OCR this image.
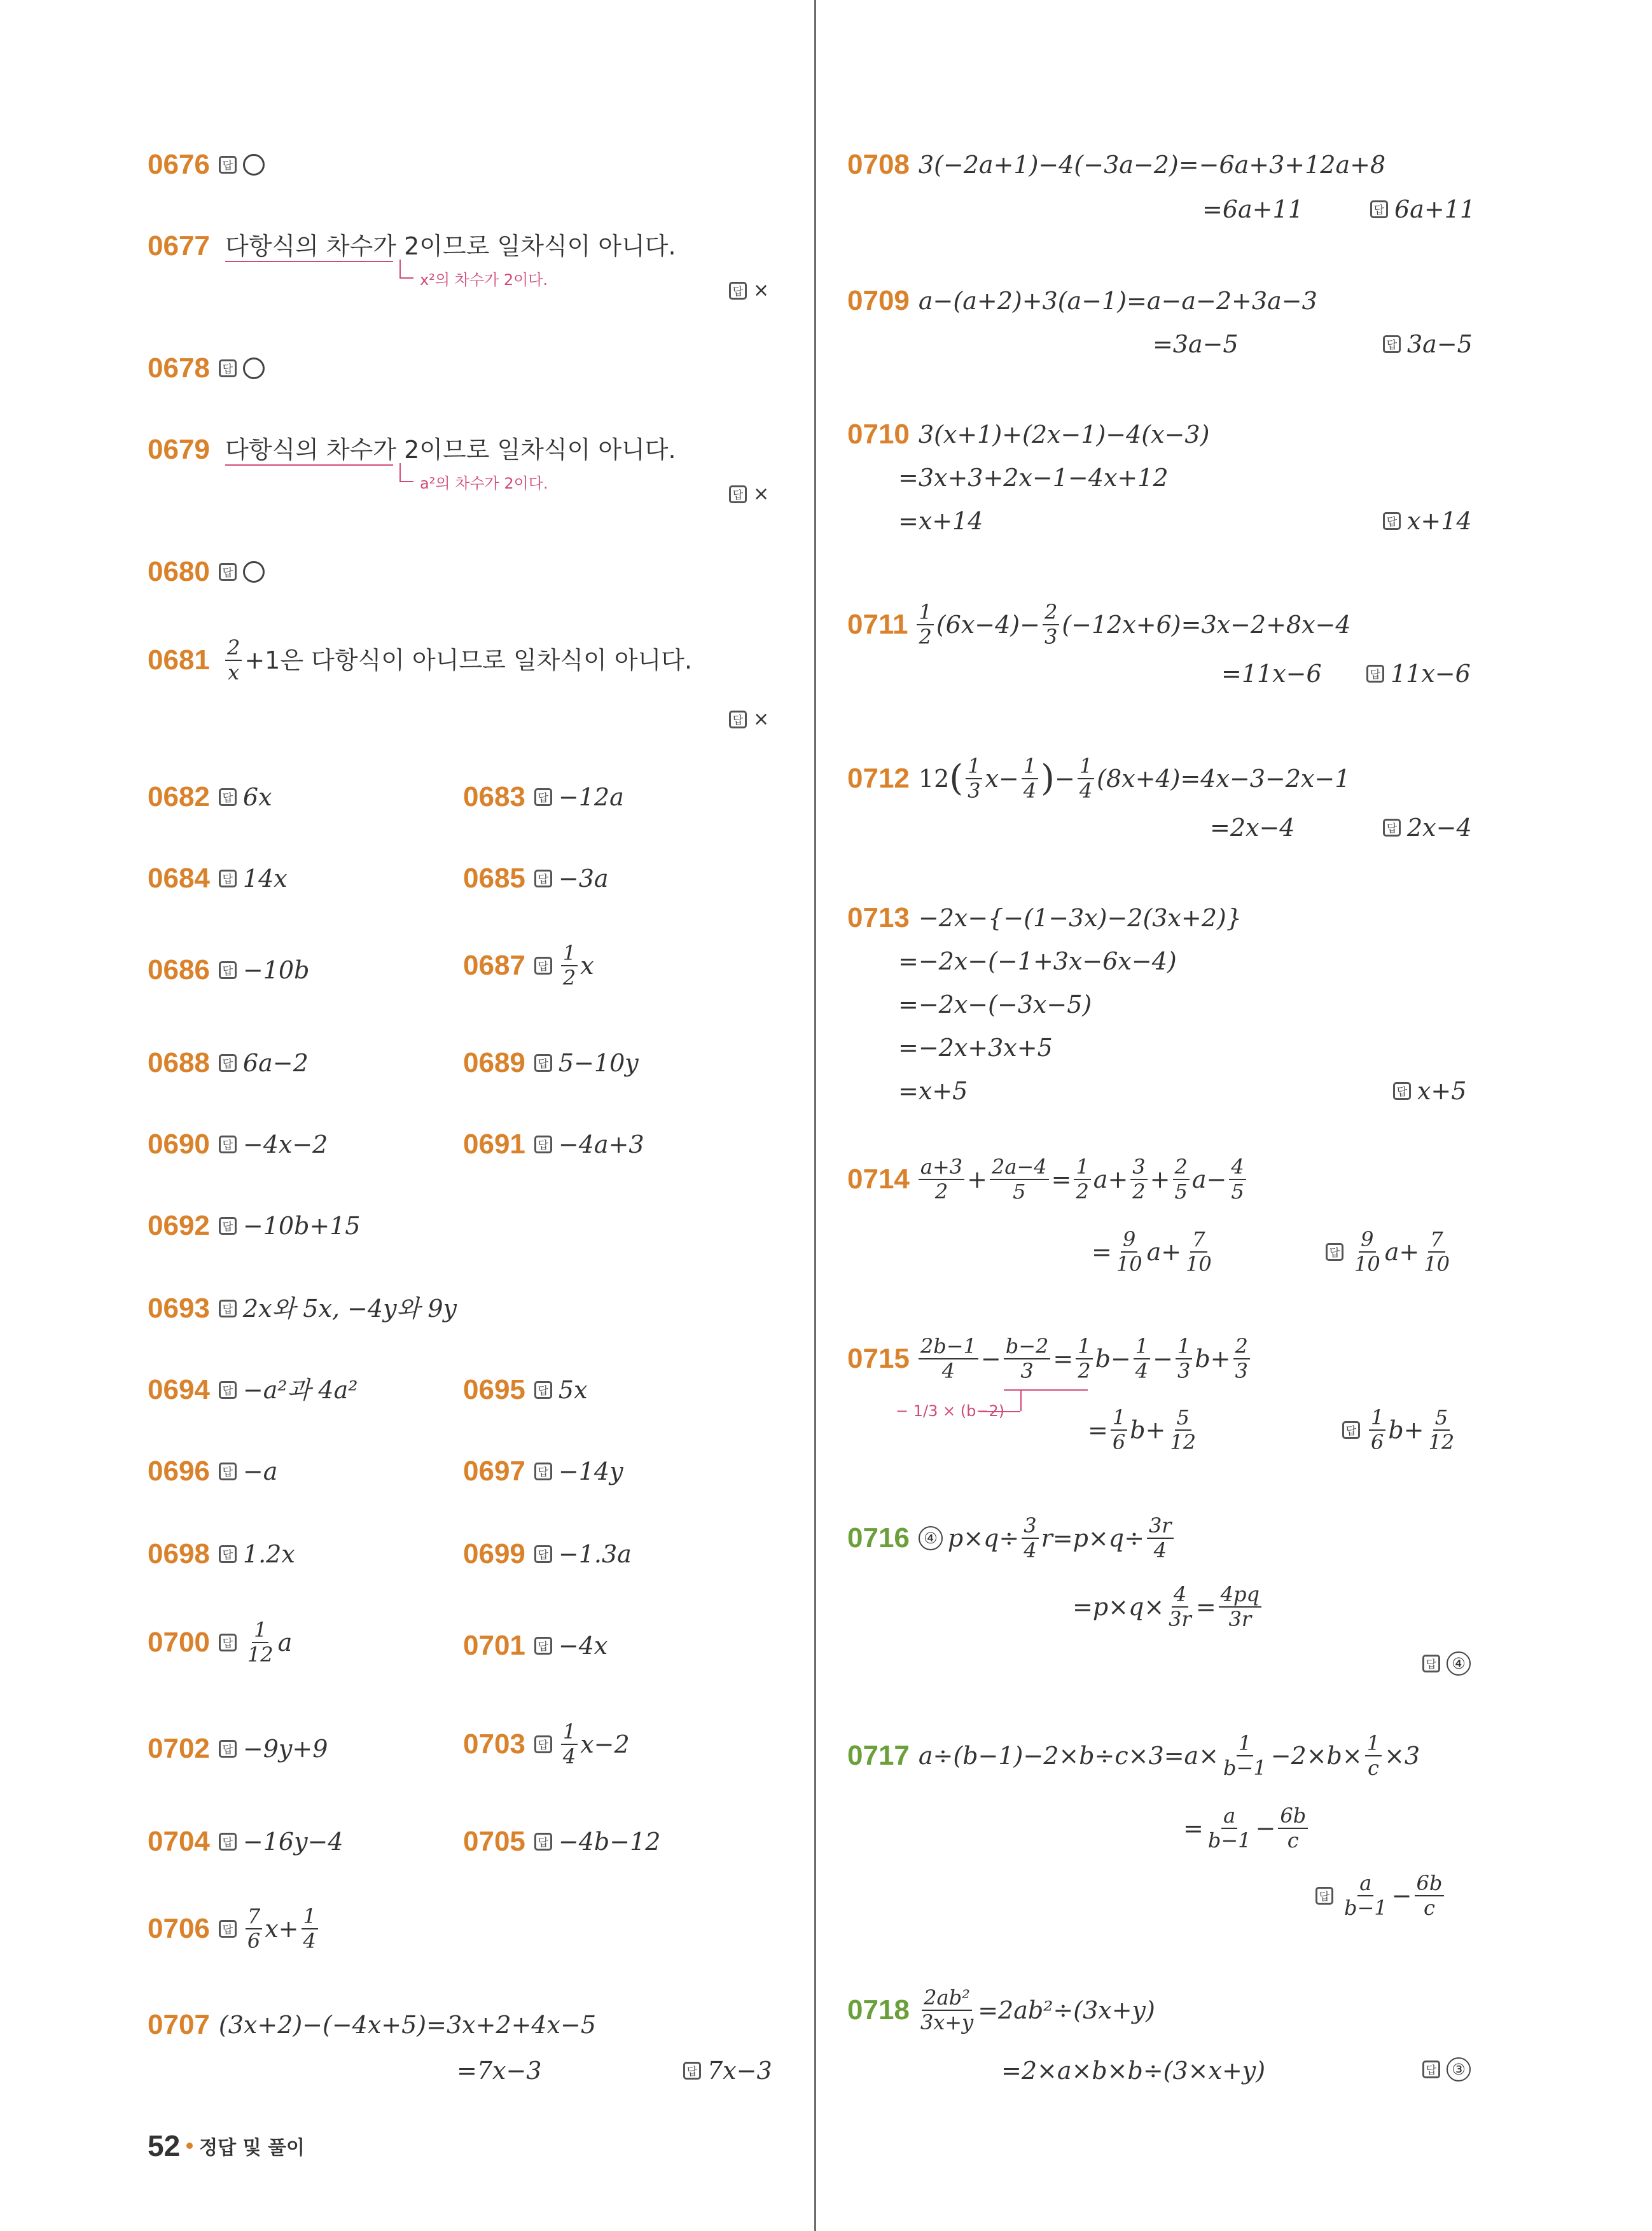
0676답
0677 다항식의 차수가 2이므로 일차식이 아니다.
x²의 차수가 2이다. 답	×
0678답
0679 다항식의 차수가 2이므로 일차식이 아니다.
a²의 차수가 2이다. 답	×
0680답
$0681 \frac{2}{x} +1$은 다항식이 아니므로 일차식이 아니다.
답×
0682 답 6x	0683 답 −12a
0684 답 14x	0685 답 −3a
0686 답 −10b	0687답 $\frac{1}{2}$ x
0688 답 6a−2	0689 답 5−10y
0690 답 −4x−2	0691 답 −4a+3
0692 답 −10b+15
0693 답 2x와 5x, −4y와 9y
0694 답 −a²과 4a²	0695 답 5x
0696 답 −a	0697 답 −14y
0698 답 1.2x	0699 답 −1.3a
0700답 $\frac{1}{12}$ a	0701 답 −4x
0702 답 −9y+9	0703답 $\frac{1}{4} x-2$
0704 답 −16y−4	0705 답 −4b−12
0706답 $\frac{7}{6} x+ \frac{1}{4}$
0707 (3x+2)−(−4x+5)=3x+2+4x−5
=7x−3 답	7x−3
0708 3(−2a+1)−4(−3a−2)=−6a+3+12a+8
=6a+11 답	6a+11
0709 a−(a+2)+3(a−1)=a−a−2+3a−3
=3a−5 답	3a−5
0710 3(x+1)+(2x−1)−4(x−3)
=3x+3+2x−1−4x+12
=x+14 답	x+14
$0711 \frac{1}{2} (6x-4)- \frac{2}{3} (-12x+6)=3x-2+8x-4$
=11x−6 답	11x−6
0712 $12( \frac{1}{3} x- \frac{1}{4}$ )− $\frac{1}{4} (8x+4)=4x-3-2x-1$
=2x−4 답	2x−4
0713 −2x−{−(1−3x)−2(3x+2)}
=−2x−(−1+3x−6x−4)
=−2x−(−3x−5)
=−2x+3x+5
=x+5 답	x+5
$0714 \frac{a+3}{2} + \frac{2a-4}{5} = \frac{1}{2} a+ \frac{3}{2} + \frac{2}{5} a- \frac{4}{5}$
= $\frac{9}{10} a+ \frac{7}{10}$
답	$\frac{9}{10} a+ \frac{7}{10}$
$0715 \frac{2b-1}{4} - \frac{b-2}{3} = \frac{1}{2} b- \frac{1}{4} - \frac{1}{3} b+ \frac{2}{3}$
− 1/3 × (b−2)
= $\frac{1}{6} b+ \frac{5}{12}$
답	$\frac{1}{6} b+ \frac{5}{12}$
0716 ④ $p\times q\div \frac{3}{4} r=p\times q\div \frac{3r}{4}$
$=p\times q\times \frac{4}{3r} = \frac{4pq}{3r}$
답④
0717 $a\div(b-1)-2\times b\div c\times 3=a\times \frac{1}{b-1} -2\times b\times \frac{1}{c} \times 3$
= $\frac{a}{b-1} - \frac{6b}{c}$
답
$\frac{a}{b-1} - \frac{6b}{c}$
$0718 \frac{\text{2ab²}}{3x+y} =2ab^2\div(3x+y)$
=2×a×b×b÷(3×x+y) 답	③
52 정답 및 풀이
